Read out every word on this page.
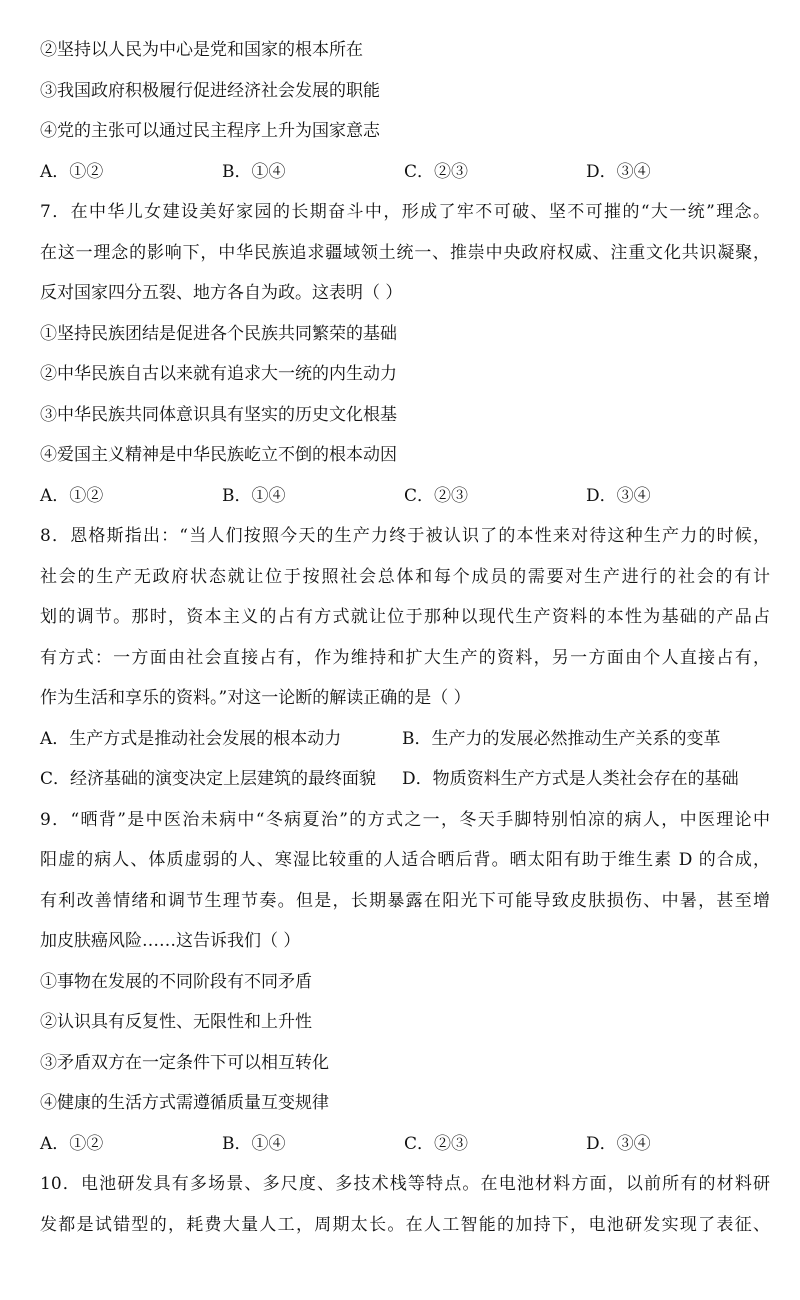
②坚持以人民为中心是党和国家的根本所在
③我国政府积极履行促进经济社会发展的职能
④党的主张可以通过民主程序上升为国家意志
A．①②	B．①④	C．②③	D．③④
7．在中华儿女建设美好家园的长期奋斗中，形成了牢不可破、坚不可摧的“大一统”理念。
在这一理念的影响下，中华民族追求疆域领土统一、推崇中央政府权威、注重文化共识凝聚，
反对国家四分五裂、地方各自为政。这表明（ ）
①坚持民族团结是促进各个民族共同繁荣的基础
②中华民族自古以来就有追求大一统的内生动力
③中华民族共同体意识具有坚实的历史文化根基
④爱国主义精神是中华民族屹立不倒的根本动因
A．①②	B．①④	C．②③	D．③④
8．恩格斯指出：“当人们按照今天的生产力终于被认识了的本性来对待这种生产力的时候，
社会的生产无政府状态就让位于按照社会总体和每个成员的需要对生产进行的社会的有计
划的调节。那时，资本主义的占有方式就让位于那种以现代生产资料的本性为基础的产品占
有方式：一方面由社会直接占有，作为维持和扩大生产的资料，另一方面由个人直接占有，
作为生活和享乐的资料。”对这一论断的解读正确的是（ ）
A．生产方式是推动社会发展的根本动力	B．生产力的发展必然推动生产关系的变革
C．经济基础的演变决定上层建筑的最终面貌	D．物质资料生产方式是人类社会存在的基础
9．“晒背”是中医治未病中“冬病夏治”的方式之一，冬天手脚特别怕凉的病人，中医理论中
阳虚的病人、体质虚弱的人、寒湿比较重的人适合晒后背。晒太阳有助于维生素 D 的合成，
有利改善情绪和调节生理节奏。但是，长期暴露在阳光下可能导致皮肤损伤、中暑，甚至增
加皮肤癌风险……这告诉我们（ ）
①事物在发展的不同阶段有不同矛盾
②认识具有反复性、无限性和上升性
③矛盾双方在一定条件下可以相互转化
④健康的生活方式需遵循质量互变规律
A．①②	B．①④	C．②③	D．③④
10．电池研发具有多场景、多尺度、多技术栈等特点。在电池材料方面，以前所有的材料研
发都是试错型的，耗费大量人工，周期太长。在人工智能的加持下，电池研发实现了表征、
